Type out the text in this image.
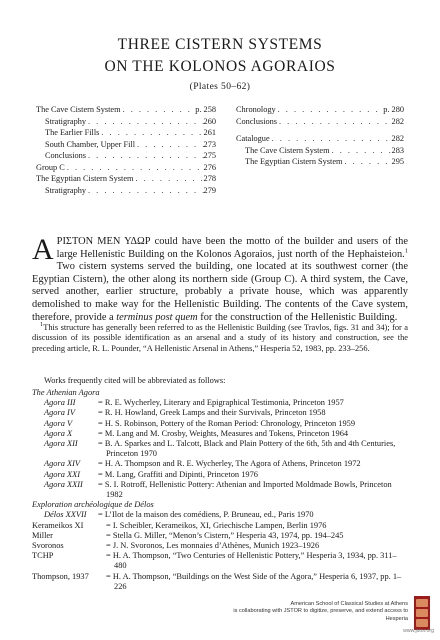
THREE CISTERN SYSTEMS
ON THE KOLONOS AGORAIOS
(Plates 50–62)
The Cave Cistern System . . .	p. 258
Stratigraphy . . .	260
The Earlier Fills . . .	261
South Chamber, Upper Fill . . .	273
Conclusions . . .	275
Group C . . .	276
The Egyptian Cistern System . . .	278
Stratigraphy . . .	279
Chronology . . .	p. 280
Conclusions . . .	282
Catalogue . . .	282
The Cave Cistern System . . .	283
The Egyptian Cistern System . . .	295
AΡΙΣΤΟΝ ΜΕΝ ΥΔΩΡ could have been the motto of the builder and users of the large Hellenistic Building on the Kolonos Agoraios, just north of the Hephaisteion.$^1$ Two cistern systems served the building, one located at its southwest corner (the Egyptian Cistern), the other along its northern side (Group C). A third system, the Cave, served another, earlier structure, probably a private house, which was apparently demolished to make way for the Hellenistic Building. The contents of the Cave system, therefore, provide a terminus post quem for the construction of the Hellenistic Building.
$^1$This structure has generally been referred to as the Hellenistic Building (see Travlos, figs. 31 and 34); for a discussion of its possible identification as an arsenal and a study of its history and construction, see the preceding article, R. L. Pounder, “A Hellenistic Arsenal in Athens,” Hesperia 52, 1983, pp. 233–256.
Works frequently cited will be abbreviated as follows:
The Athenian Agora
Agora III	= R. E. Wycherley, Literary and Epigraphical Testimonia, Princeton 1957
Agora IV	= R. H. Howland, Greek Lamps and their Survivals, Princeton 1958
Agora V	= H. S. Robinson, Pottery of the Roman Period: Chronology, Princeton 1959
Agora X	= M. Lang and M. Crosby, Weights, Measures and Tokens, Princeton 1964
Agora XII	= B. A. Sparkes and L. Talcott, Black and Plain Pottery of the 6th, 5th and 4th Centuries, Princeton 1970
Agora XIV	= H. A. Thompson and R. E. Wycherley, The Agora of Athens, Princeton 1972
Agora XXI	= M. Lang, Graffiti and Dipinti, Princeton 1976
Agora XXII	= S. I. Rotroff, Hellenistic Pottery: Athenian and Imported Moldmade Bowls, Princeton 1982
Exploration archéologique de Délos
Délos XXVII	= L’Ilot de la maison des comédiens, P. Bruneau, ed., Paris 1970
Kerameikos XI	= I. Scheibler, Kerameikos, XI, Griechische Lampen, Berlin 1976
Miller	= Stella G. Miller, “Menon’s Cistern,” Hesperia 43, 1974, pp. 194–245
Svoronos	= J. N. Svoronos, Les monnaies d’Athènes, Munich 1923–1926
TCHP	= H. A. Thompson, “Two Centuries of Hellenistic Pottery,” Hesperia 3, 1934, pp. 311–480
Thompson, 1937	= H. A. Thompson, “Buildings on the West Side of the Agora,” Hesperia 6, 1937, pp. 1–226
American School of Classical Studies at Athens
is collaborating with JSTOR to digitize, preserve, and extend access to
Hesperia
www.jstor.org
